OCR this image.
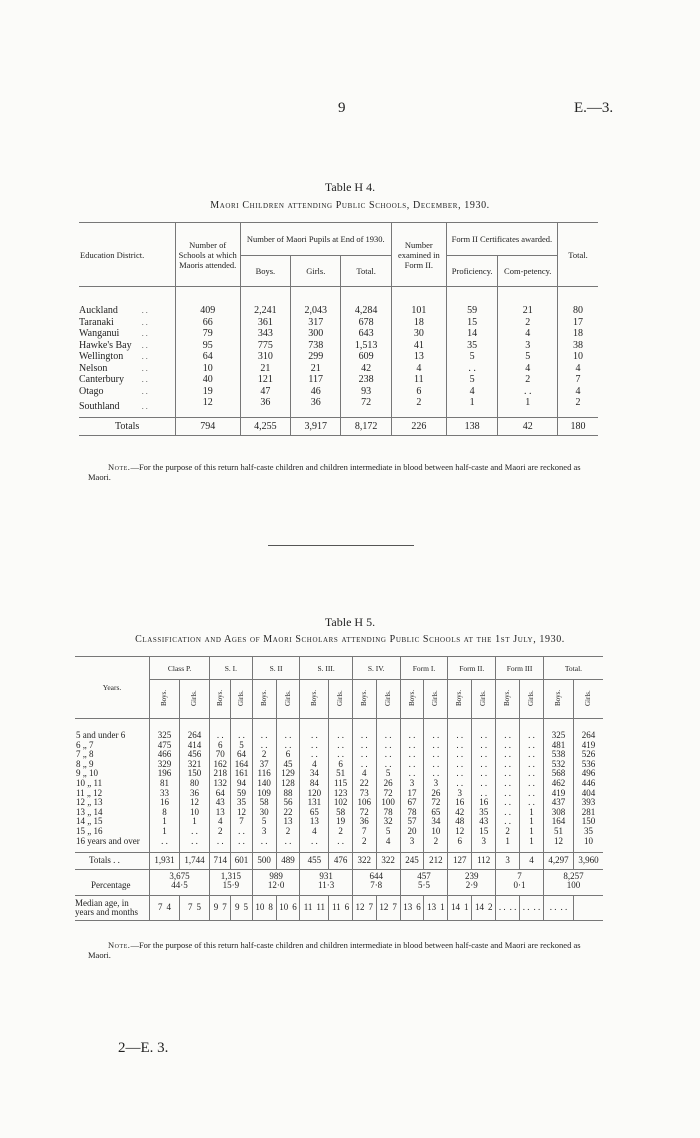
9	E.—3.
Table H 4.
Maori Children attending Public Schools, December, 1930.
Education District.		Number of Schools at which Maoris attended.	Number of Maori Pupils at End of 1930.			Number examined in Form II.	Form II Certificates awarded.		Total.
			Boys.	Girls.	Total.		Proficiency.	Com-petency.	
Auckland	. .	409	2,241	2,043	4,284	101	59	21	80
Taranaki	. .	66	361	317	678	18	15	2	17
Wanganui	. .	79	343	300	643	30	14	4	18
Hawke's Bay	. .	95	775	738	1,513	41	35	3	38
Wellington	. .	64	310	299	609	13	5	5	10
Nelson	. .	10	21	21	42	4	. .	4	4
Canterbury	. .	40	121	117	238	11	5	2	7
Otago	. .	19	47	46	93	6	4	. .	4
Southland	. .	12	36	36	72	2	1	1	2
Totals		794	4,255	3,917	8,172	226	138	42	180
Note.—For the purpose of this return half-caste children and children intermediate in blood between half-caste and Maori are reckoned as Maori.
Table H 5.
Classification and Ages of Maori Scholars attending Public Schools at the 1st July, 1930.
Years.	Class P.		S. I.		S. II		S. III.		S. IV.		Form I.		Form II.		Form III		Total.	
	Boys.	Girls.	Boys.	Girls.	Boys.	Girls.	Boys.	Girls.	Boys.	Girls.	Boys.	Girls.	Boys.	Girls.	Boys.	Girls.	Boys.	Girls.
5 and under 6	325	264	. .	. .	. .	. .	. .	. .	. .	. .	. .	. .	. .	. .	. .	. .	325	264
6 „ 7	475	414	6	5	. .	. .	. .	. .	. .	. .	. .	. .	. .	. .	. .	. .	481	419
7 „ 8	466	456	70	64	2	6	. .	. .	. .	. .	. .	. .	. .	. .	. .	. .	538	526
8 „ 9	329	321	162	164	37	45	4	6	. .	. .	. .	. .	. .	. .	. .	. .	532	536
9 „ 10	196	150	218	161	116	129	34	51	4	5	. .	. .	. .	. .	. .	. .	568	496
10 „ 11	81	80	132	94	140	128	84	115	22	26	3	3	. .	. .	. .	. .	462	446
11 „ 12	33	36	64	59	109	88	120	123	73	72	17	26	3	. .	. .	. .	419	404
12 „ 13	16	12	43	35	58	56	131	102	106	100	67	72	16	16	. .	. .	437	393
13 „ 14	8	10	13	12	30	22	65	58	72	78	78	65	42	35	. .	1	308	281
14 „ 15	1	1	4	7	5	13	13	19	36	32	57	34	48	43	. .	1	164	150
15 „ 16	1	. .	2	. .	3	2	4	2	7	5	20	10	12	15	2	1	51	35
16 years and over	. .	. .	. .	. .	. .	. .	. .	. .	2	4	3	2	6	3	1	1	12	10
Totals . .	1,931	1,744	714	601	500	489	455	476	322	322	245	212	127	112	3	4	4,297	3,960
	3,675		1,315		989		931		644		457		239		7		8,257	
Percentage	44·5		15·9		12·0		11·3		7·8		5·5		2·9		0·1		100	
Median age, in years and months	7 4	7 5	9 7	9 5	10 8	10 6	11 11	11 6	12 7	12 7	13 6	13 1	14 1	14 2	. . . .	. . . .	. . . .	
Note.—For the purpose of this return half-caste children and children intermediate in blood between half-caste and Maori are reckoned as Maori.
2—E. 3.
